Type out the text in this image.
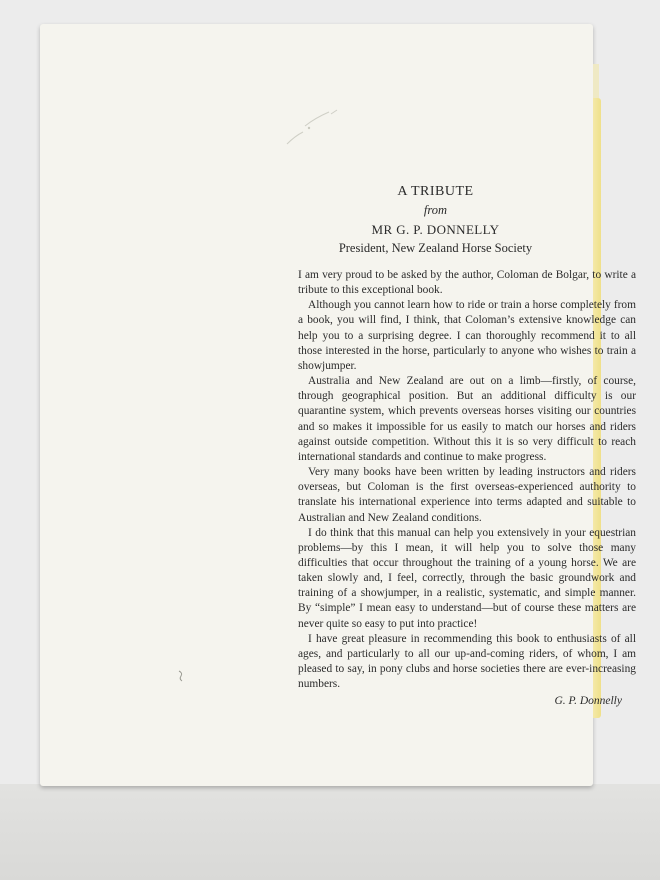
A TRIBUTE
from
MR G. P. DONNELLY
President, New Zealand Horse Society

I am very proud to be asked by the author, Coloman de Bolgar, to write a tribute to this exceptional book.

Although you cannot learn how to ride or train a horse completely from a book, you will find, I think, that Coloman’s extensive knowledge can help you to a surprising degree. I can thoroughly recommend it to all those interested in the horse, particularly to anyone who wishes to train a showjumper.

Australia and New Zealand are out on a limb—firstly, of course, through geographical position. But an additional difficulty is our quarantine system, which prevents overseas horses visiting our countries and so makes it impossible for us easily to match our horses and riders against outside competition. Without this it is so very difficult to reach international standards and continue to make progress.

Very many books have been written by leading instructors and riders overseas, but Coloman is the first overseas-experienced authority to translate his international experience into terms adapted and suitable to Australian and New Zealand conditions.

I do think that this manual can help you extensively in your equestrian problems—by this I mean, it will help you to solve those many difficulties that occur throughout the training of a young horse. We are taken slowly and, I feel, correctly, through the basic groundwork and training of a showjumper, in a realistic, systematic, and simple manner. By “simple” I mean easy to understand—but of course these matters are never quite so easy to put into practice!

I have great pleasure in recommending this book to enthusiasts of all ages, and particularly to all our up-and-coming riders, of whom, I am pleased to say, in pony clubs and horse societies there are ever-increasing numbers.

G. P. Donnelly
